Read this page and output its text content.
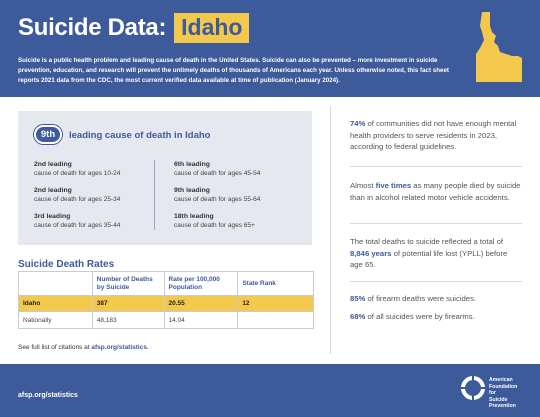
Suicide Data: Idaho
Suicide is a public health problem and leading cause of death in the United States. Suicide can also be prevented – more investment in suicide prevention, education, and research will prevent the untimely deaths of thousands of Americans each year. Unless otherwise noted, this fact sheet reports 2021 data from the CDC, the most current verified data available at time of publication (January 2024).
9th	leading cause of death in Idaho
2nd leading
cause of death for ages 10-24
2nd leading
cause of death for ages 25-34
3rd leading
cause of death for ages 35-44
6th leading
cause of death for ages 45-54
9th leading
cause of death for ages 55-64
18th leading
cause of death for ages 65+
Suicide Death Rates
	Number of Deaths by Suicide	Rate per 100,000 Population	State Rank
Idaho	387	20.55	12
Nationally	48,183	14.04	
See full list of citations at afsp.org/statistics.
74% of communities did not have enough mental health providers to serve residents in 2023, according to federal guidelines.
Almost five times as many people died by suicide than in alcohol related motor vehicle accidents.
The total deaths to suicide reflected a total of 8,846 years of potential life lost (YPLL) before age 65.
85% of firearm deaths were suicides.
68% of all suicides were by firearms.
afsp.org/statistics
American
Foundation
for
Suicide
Prevention
